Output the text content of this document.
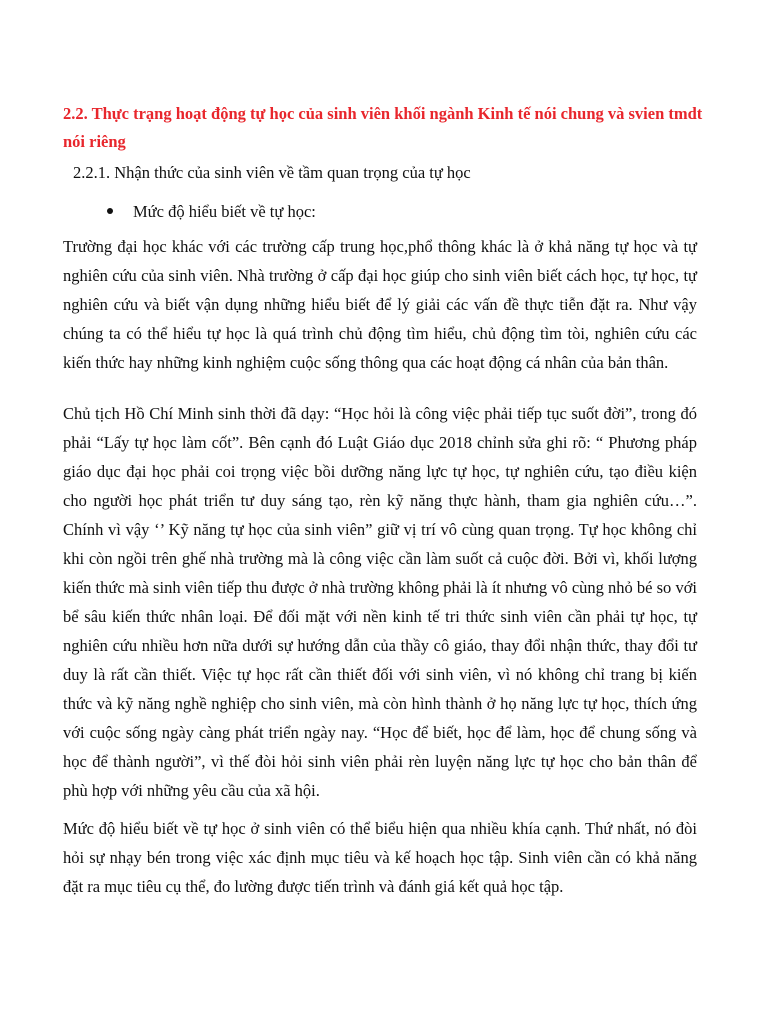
2.2. Thực trạng hoạt động tự học của sinh viên khối ngành Kinh tế nói chung và svien tmdt nói riêng

2.2.1. Nhận thức của sinh viên về tầm quan trọng của tự học

Mức độ hiểu biết về tự học:

Trường đại học khác với các trường cấp trung học,phổ thông khác là ở khả năng tự học và tự nghiên cứu của sinh viên. Nhà trường ở cấp đại học giúp cho sinh viên biết cách học, tự học, tự nghiên cứu và biết vận dụng những hiểu biết để lý giải các vấn đề thực tiễn đặt ra. Như vậy chúng ta có thể hiểu tự học là quá trình chủ động tìm hiểu, chủ động tìm tòi, nghiên cứu các kiến thức hay những kinh nghiệm cuộc sống thông qua các hoạt động cá nhân của bản thân.

Chủ tịch Hồ Chí Minh sinh thời đã dạy: “Học hỏi là công việc phải tiếp tục suốt đời”, trong đó phải “Lấy tự học làm cốt”. Bên cạnh đó Luật Giáo dục 2018 chỉnh sửa ghi rõ: “ Phương pháp giáo dục đại học phải coi trọng việc bồi dưỡng năng lực tự học, tự nghiên cứu, tạo điều kiện cho người học phát triển tư duy sáng tạo, rèn kỹ năng thực hành, tham gia nghiên cứu…”. Chính vì vậy ‘’ Kỹ năng tự học của sinh viên” giữ vị trí vô cùng quan trọng. Tự học không chỉ khi còn ngồi trên ghế nhà trường mà là công việc cần làm suốt cả cuộc đời. Bởi vì, khối lượng kiến thức mà sinh viên tiếp thu được ở nhà trường không phải là ít nhưng vô cùng nhỏ bé so với bể sâu kiến thức nhân loại. Để đối mặt với nền kinh tế tri thức sinh viên cần phải tự học, tự nghiên cứu nhiều hơn nữa dưới sự hướng dẫn của thầy cô giáo, thay đổi nhận thức, thay đổi tư duy là rất cần thiết. Việc tự học rất cần thiết đối với sinh viên, vì nó không chỉ trang bị kiến thức và kỹ năng nghề nghiệp cho sinh viên, mà còn hình thành ở họ năng lực tự học, thích ứng với cuộc sống ngày càng phát triển ngày nay. “Học để biết, học để làm, học để chung sống và học để thành người”, vì thế đòi hỏi sinh viên phải rèn luyện năng lực tự học cho bản thân để phù hợp với những yêu cầu của xã hội.

Mức độ hiểu biết về tự học ở sinh viên có thể biểu hiện qua nhiều khía cạnh. Thứ nhất, nó đòi hỏi sự nhạy bén trong việc xác định mục tiêu và kế hoạch học tập. Sinh viên cần có khả năng đặt ra mục tiêu cụ thể, đo lường được tiến trình và đánh giá kết quả học tập.
